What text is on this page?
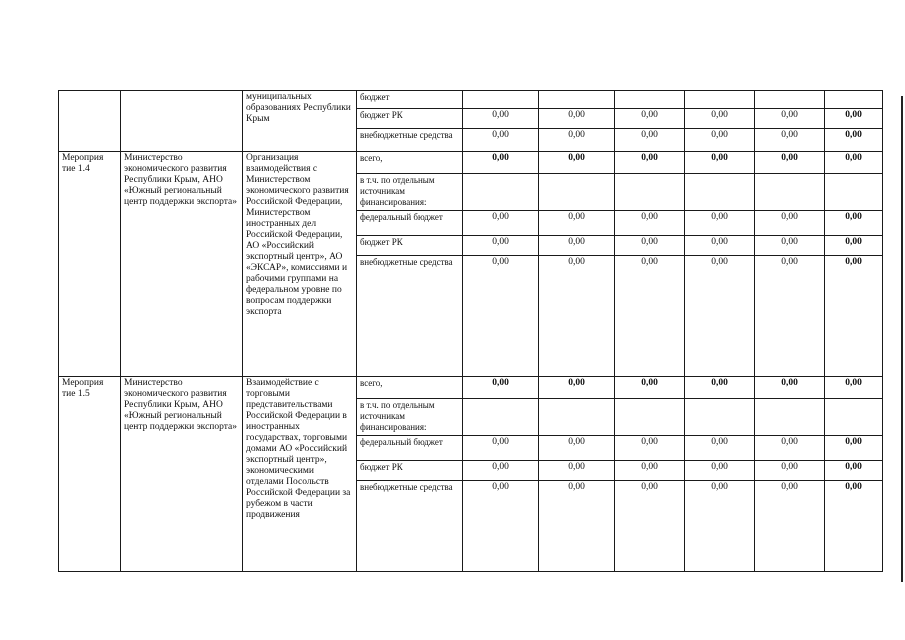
		муниципальных образованиях Республики Крым	бюджет						
			бюджет РК	0,00	0,00	0,00	0,00	0,00	0,00
			внебюджетные средства	0,00	0,00	0,00	0,00	0,00	0,00
Мероприя тие 1.4	Министерство экономического развития Республики Крым, АНО «Южный региональный центр поддержки экспорта»	Организация взаимодействия с Министерством экономического развития Российской Федерации, Министерством иностранных дел Российской Федерации, АО «Российский экспортный центр», АО «ЭКСАР», комиссиями и рабочими группами на федеральном уровне по вопросам поддержки экспорта	всего,	0,00	0,00	0,00	0,00	0,00	0,00
			в т.ч. по отдельным источникам финансирования:						
			федеральный бюджет	0,00	0,00	0,00	0,00	0,00	0,00
			бюджет РК	0,00	0,00	0,00	0,00	0,00	0,00
			внебюджетные средства	0,00	0,00	0,00	0,00	0,00	0,00
Мероприя тие 1.5	Министерство экономического развития Республики Крым, АНО «Южный региональный центр поддержки экспорта»	Взаимодействие с торговыми представительствами Российской Федерации в иностранных государствах, торговыми домами АО «Российский экспортный центр», экономическими отделами Посольств Российской Федерации за рубежом в части продвижения	всего,	0,00	0,00	0,00	0,00	0,00	0,00
			в т.ч. по отдельным источникам финансирования:						
			федеральный бюджет	0,00	0,00	0,00	0,00	0,00	0,00
			бюджет РК	0,00	0,00	0,00	0,00	0,00	0,00
			внебюджетные средства	0,00	0,00	0,00	0,00	0,00	0,00
